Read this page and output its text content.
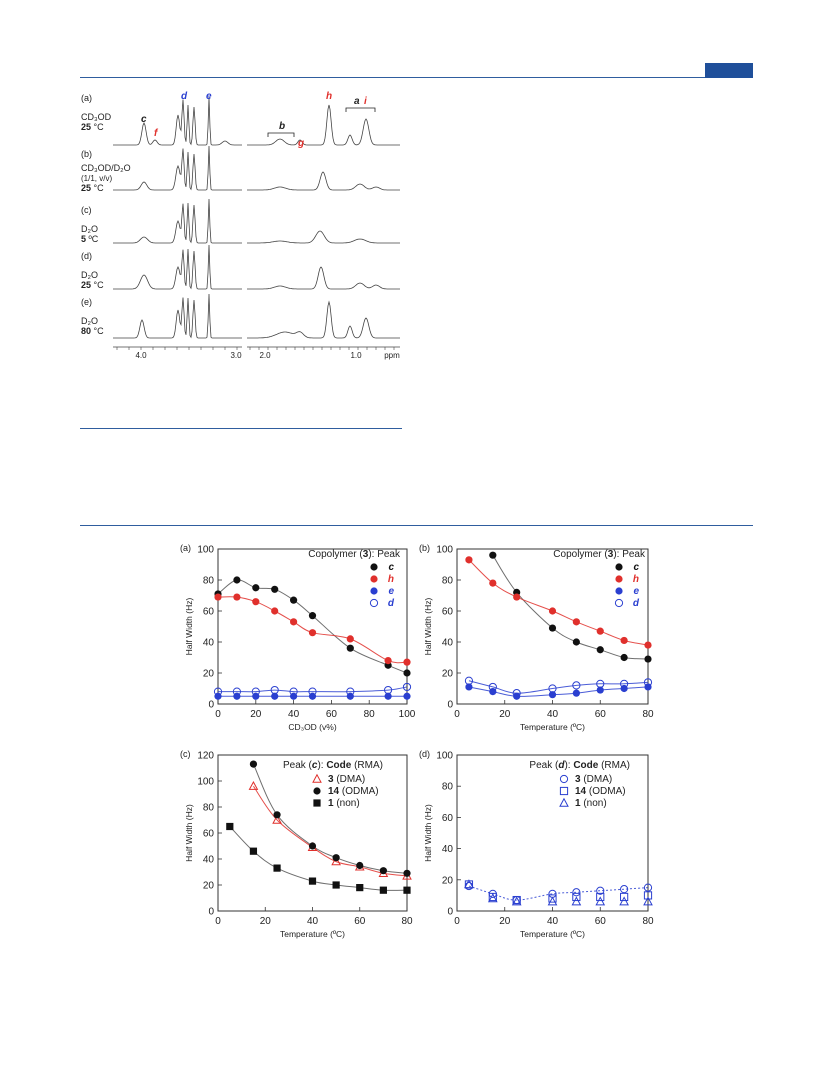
(a)
CD₃OD
25 °C
(b)
CD₃OD/D₂O
(1/1, v/v)
25 °C
(c)
D₂O
5 ºC
(d)
D₂O
25 °C
(e)
D₂O
80 °C
c
f
d e
b
g
h a i
4.0	3.0 2.0	1.0	ppm
(a)
0
20
40
60
80
100
0	20	40	60	80 100
CD₃OD (v%)
Half Width (Hz)
Copolymer (3): Peak
c
h
e
d
(b)
0
20
40
60
80
100
0	20	40	60	80
Temperature (ºC)
Half Width (Hz)
Copolymer (3): Peak
c
h
e
d
(c)
0
20
40
60
80
100
120
0	20	40	60	80
Temperature (ºC)
Half Width (Hz)
Peak (c): Code (RMA)
3 (DMA)
14 (ODMA)
1 (non)
(d)
0
20
40
60
80
100
0	20	40	60	80
Temperature (ºC)
Half Width (Hz)
Peak (d): Code (RMA)
3 (DMA)
14 (ODMA)
1 (non)
